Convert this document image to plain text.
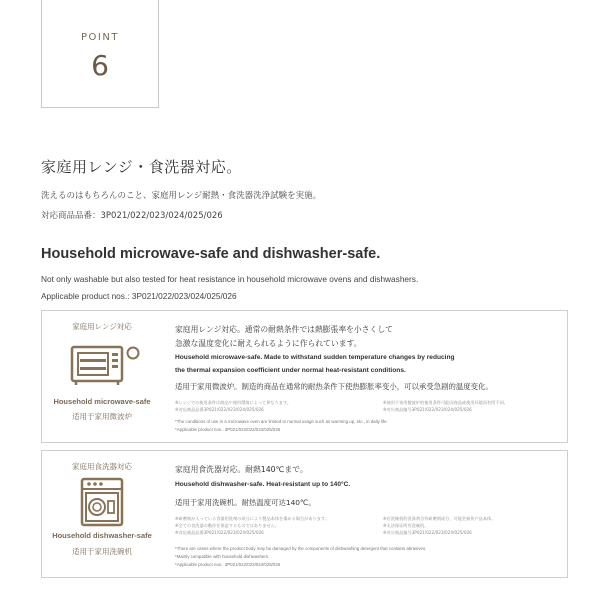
POINT
6
家庭用レンジ・食洗器対応。
洗えるのはもちろんのこと、家庭用レンジ耐熱・食洗器洗浄試験を実施。
対応商品品番：3P021/022/023/024/025/026
Household microwave-safe and dishwasher-safe.
Not only washable but also tested for heat resistance in household microwave ovens and dishwashers.
Applicable product nos.: 3P021/022/023/024/025/026
家庭用レンジ対応
Household microwave-safe
适用于家用微波炉
家庭用レンジ対応。通常の耐熱条件では熱膨張率を小さくして
急激な温度変化に耐えられるように作られています。
Household microwave-safe. Made to withstand sudden temperature changes by reducing
the thermal expansion coefficient under normal heat-resistant conditions.
适用于家用微波炉。制造的商品在通常的耐热条件下使热膨胀率变小，可以承受急剧的温度变化。
※レンジでの使用条件は商品や使用環境によって異なります。
※対応商品品番3P021/022/023/024/025/026
※使用于家用微波炉的使用条件可能因商品或使用环境而有所不同。
※对应商品编号3P021/022/023/024/025/026
*The conditions of use in a microwave oven are limited to normal usage such as warming up, etc., in daily life.
*Applicable product nos.: 3P021/022/023/024/025/026
家庭用食洗器対応
Household dishwasher-safe
适用于家用洗碗机
家庭用食洗器対応。耐熱140℃まで。
Household dishwasher-safe. Heat-resistant up to 140°C.
适用于家用洗碗机。耐热温度可达140℃。
※研磨剤が入っている食器用洗剤の成分により製品本体を傷める場合があります。
※全ての食洗器の動作を保証するものではありません。
※対応商品品番3P021/022/023/024/025/026
※若洗碗机的洗涤剂含有研磨剂成分，可能会损伤产品本体。
※无法保证所有洗碗机。
※对应商品编号3P021/022/023/024/025/026
*There are cases where the product body may be damaged by the components of dishwashing detergent that contains abrasives.
*Mainly compatible with household dishwashers.
*Applicable product nos.: 3P021/022/023/024/025/026
